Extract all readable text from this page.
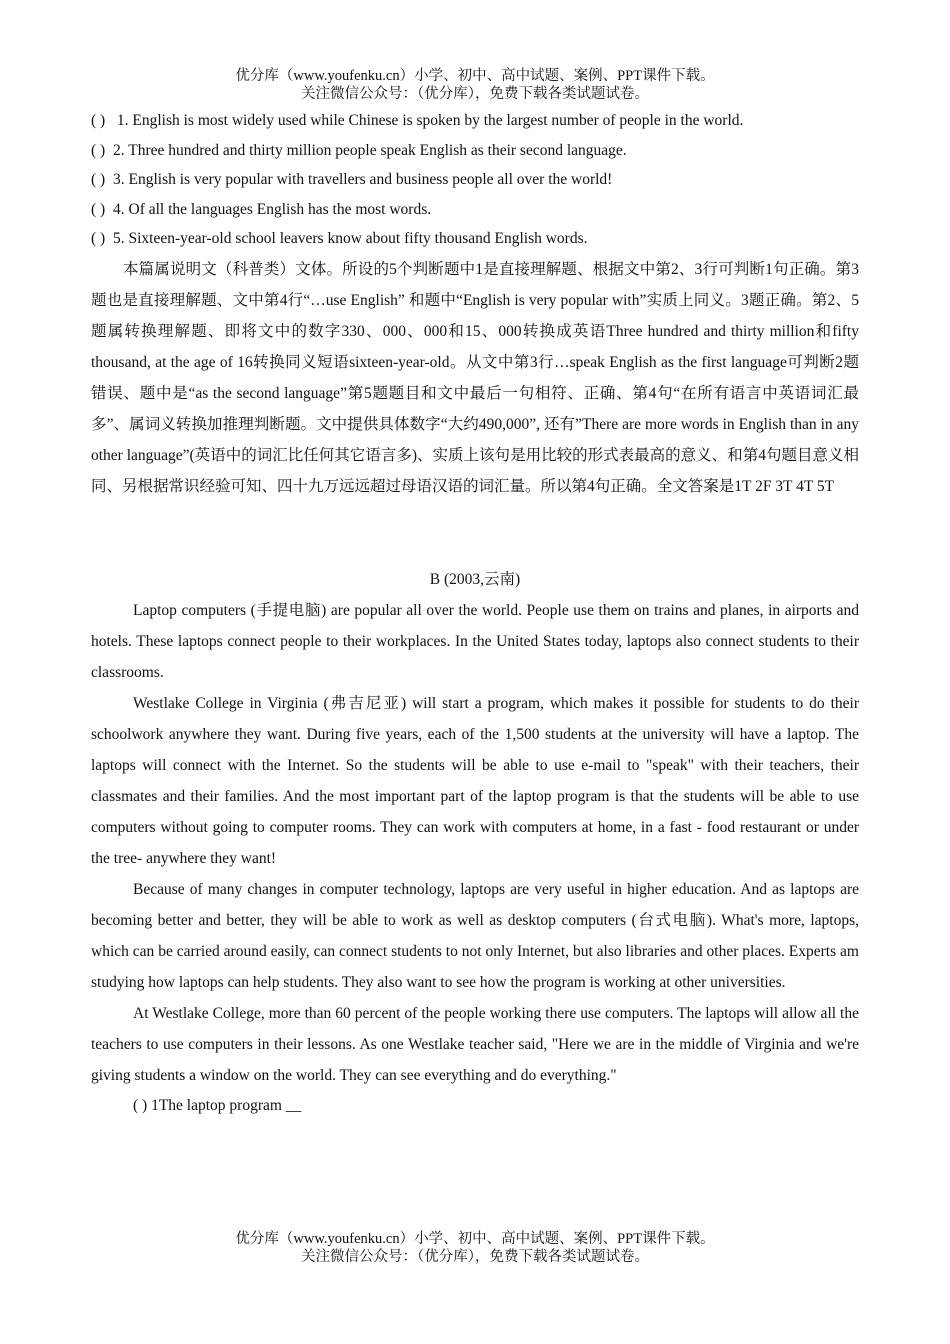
优分库（www.youfenku.cn）小学、初中、高中试题、案例、PPT课件下载。
关注微信公众号：（优分库），免费下载各类试题试卷。
( ) 1. English is most widely used while Chinese is spoken by the largest number of people in the world.
( ) 2. Three hundred and thirty million people speak English as their second language.
( ) 3. English is very popular with travellers and business people all over the world!
( ) 4. Of all the languages English has the most words.
( ) 5. Sixteen-year-old school leavers know about fifty thousand English words.

本篇属说明文（科普类）文体。所设的5个判断题中1是直接理解题、根据文中第2、3行可判断1句正确。第3题也是直接理解题、文中第4行“…use English” 和题中“English is very popular with”实质上同义。3题正确。第2、5题属转换理解题、即将文中的数字330、000、000和15、000转换成英语Three hundred and thirty million和fifty thousand, at the age of 16转换同义短语sixteen-year-old。从文中第3行…speak English as the first language可判断2题错误、题中是“as the second language”第5题题目和文中最后一句相符、正确、第4句“在所有语言中英语词汇最多”、属词义转换加推理判断题。文中提供具体数字“大约490,000”, 还有”There are more words in English than in any other language”(英语中的词汇比任何其它语言多)、实质上该句是用比较的形式表最高的意义、和第4句题目意义相同、另根据常识经验可知、四十九万远远超过母语汉语的词汇量。所以第4句正确。全文答案是1T 2F 3T 4T 5T

B (2003,云南)

Laptop computers (手提电脑) are popular all over the world. People use them on trains and planes, in airports and hotels. These laptops connect people to their workplaces. In the United States today, laptops also connect students to their classrooms.

Westlake College in Virginia (弗吉尼亚) will start a program, which makes it possible for students to do their schoolwork anywhere they want. During five years, each of the 1,500 students at the university will have a laptop. The laptops will connect with the Internet. So the students will be able to use e-mail to "speak" with their teachers, their classmates and their families. And the most important part of the laptop program is that the students will be able to use computers without going to computer rooms. They can work with computers at home, in a fast - food restaurant or under the tree- anywhere they want!

Because of many changes in computer technology, laptops are very useful in higher education. And as laptops are becoming better and better, they will be able to work as well as desktop computers (台式电脑). What's more, laptops, which can be carried around easily, can connect students to not only Internet, but also libraries and other places. Experts am studying how laptops can help students. They also want to see how the program is working at other universities.

At Westlake College, more than 60 percent of the people working there use computers. The laptops will allow all the teachers to use computers in their lessons. As one Westlake teacher said, "Here we are in the middle of Virginia and we're giving students a window on the world. They can see everything and do everything."

( ) 1The laptop program __
优分库（www.youfenku.cn）小学、初中、高中试题、案例、PPT课件下载。
关注微信公众号：（优分库），免费下载各类试题试卷。
